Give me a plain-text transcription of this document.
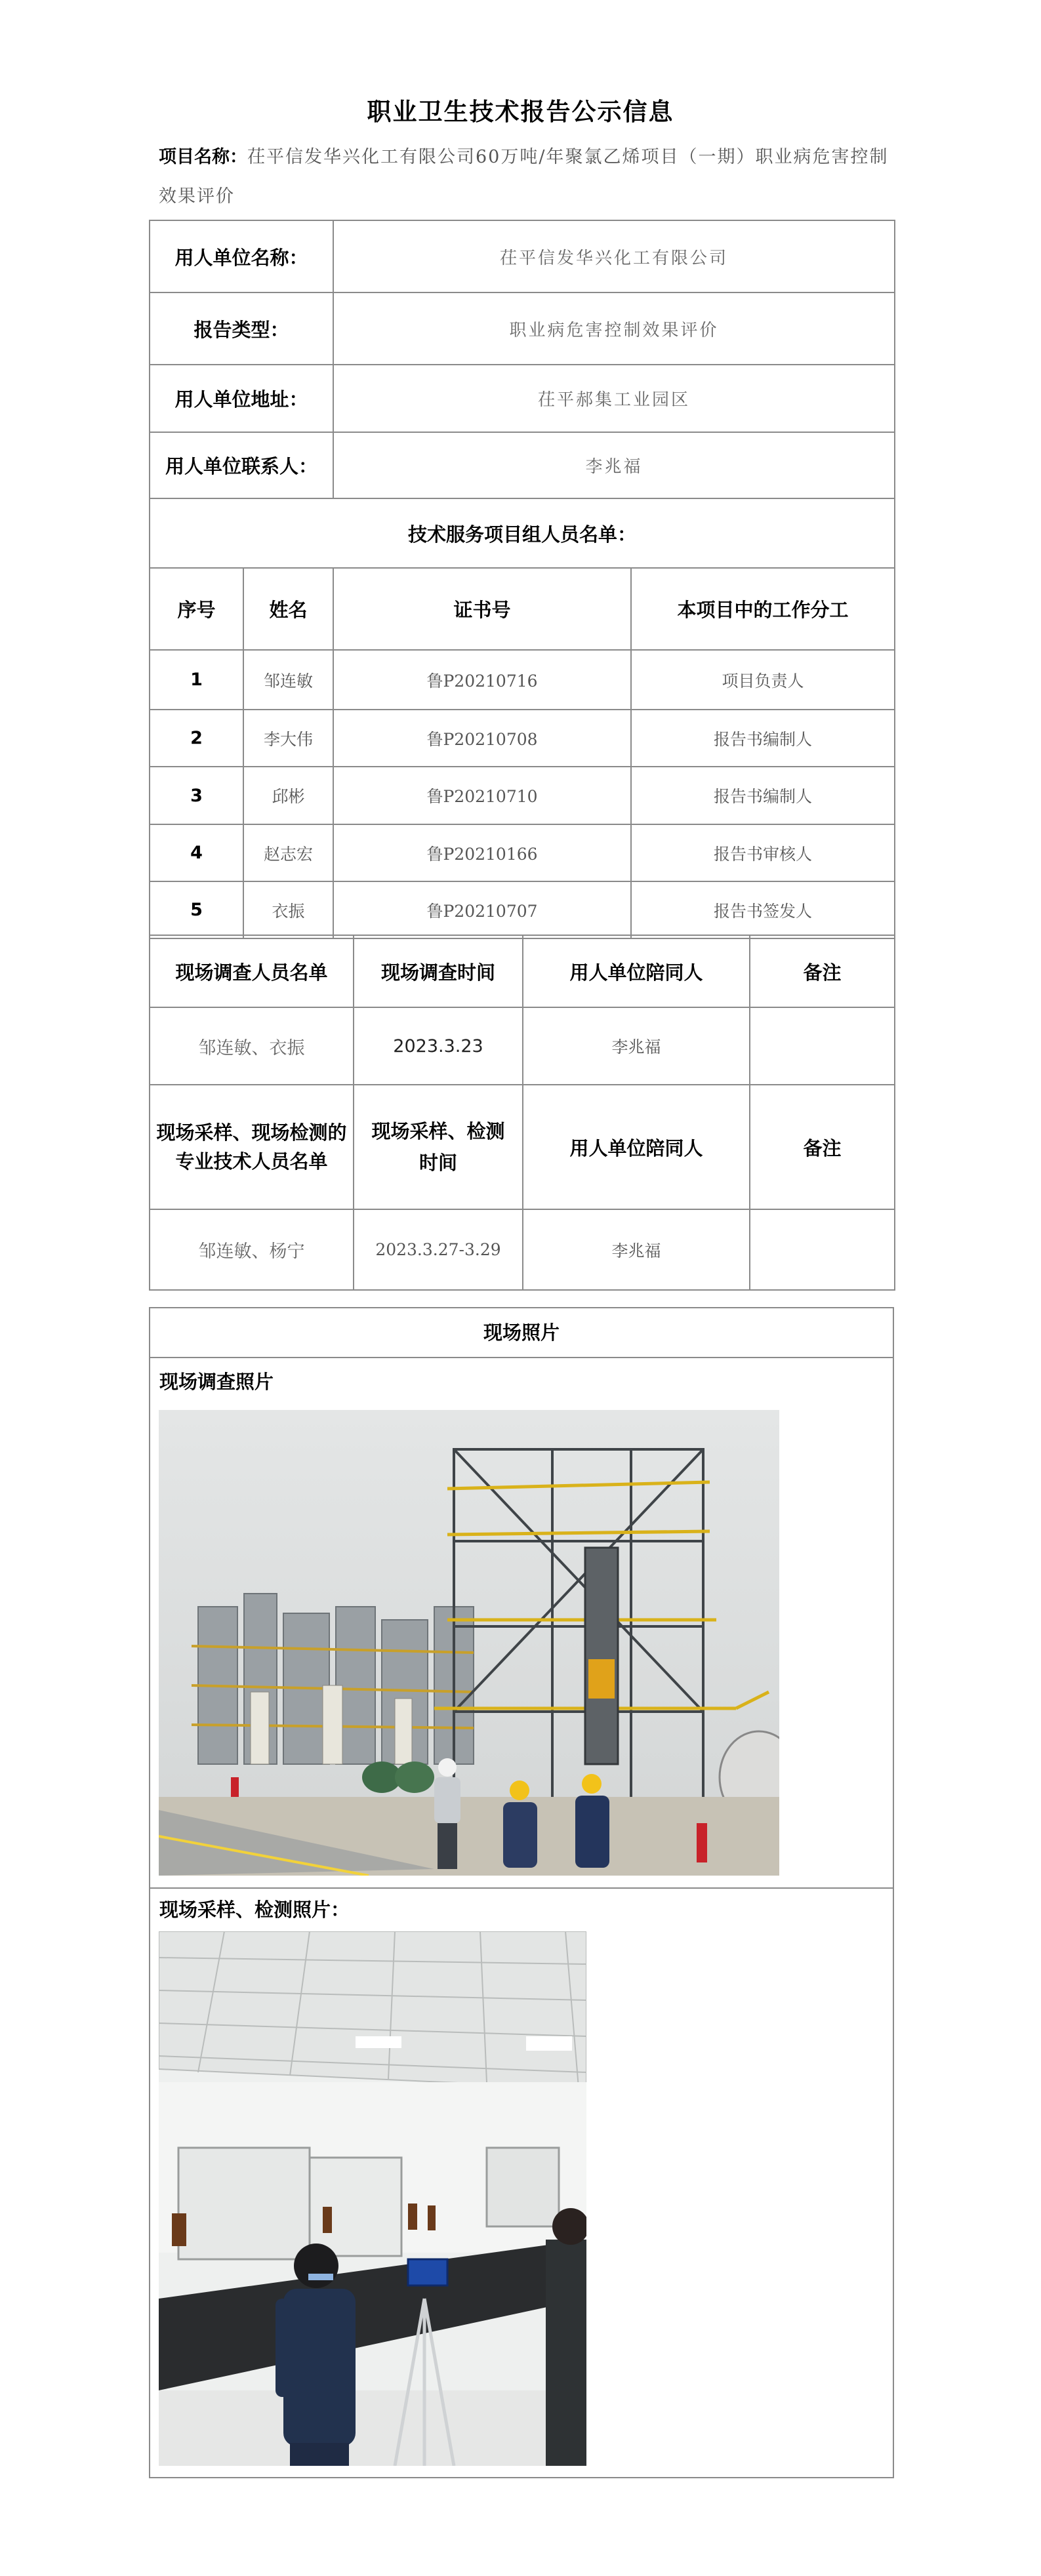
职业卫生技术报告公示信息
项目名称：茌平信发华兴化工有限公司60万吨/年聚氯乙烯项目（一期）职业病危害控制效果评价
用人单位名称：		茌平信发华兴化工有限公司	
报告类型：		职业病危害控制效果评价	
用人单位地址：		茌平郝集工业园区	
用人单位联系人：		李兆福	
技术服务项目组人员名单：			
序号	姓名	证书号	本项目中的工作分工
1	邹连敏	鲁P20210716	项目负责人
2	李大伟	鲁P20210708	报告书编制人
3	邱彬	鲁P20210710	报告书编制人
4	赵志宏	鲁P20210166	报告书审核人
5	衣振	鲁P20210707	报告书签发人
现场调查人员名单	现场调查时间	用人单位陪同人	备注
邹连敏、衣振	2023.3.23	李兆福	
现场采样、现场检测的专业技术人员名单	现场采样、检测时间	用人单位陪同人	备注
邹连敏、杨宁	2023.3.27-3.29	李兆福	
现场照片
现场调查照片
现场采样、检测照片：
